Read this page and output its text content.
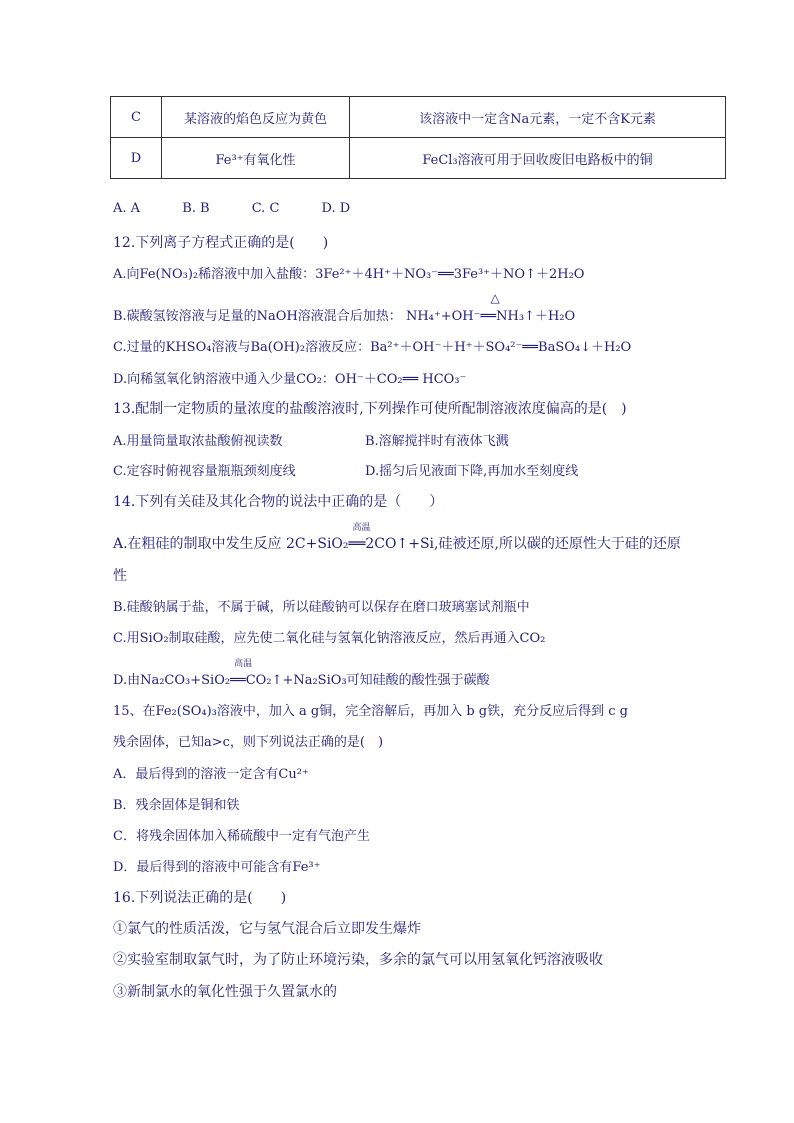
C	某溶液的焰色反应为黄色	该溶液中一定含Na元素，一定不含K元素
D	Fe³⁺有氧化性	FeCl₃溶液可用于回收废旧电路板中的铜
A. A	B. B	C. C	D. D
12.下列离子方程式正确的是(　　)
A.向Fe(NO₃)₂稀溶液中加入盐酸：3Fe²⁺＋4H⁺＋NO₃⁻══3Fe³⁺＋NO↑＋2H₂O
B.碳酸氢铵溶液与足量的NaOH溶液混合后加热： NH₄⁺+OH⁻
△
══NH₃↑＋H₂O
C.过量的KHSO₄溶液与Ba(OH)₂溶液反应：Ba²⁺＋OH⁻＋H⁺＋SO₄²⁻══BaSO₄↓＋H₂O
D.向稀氢氧化钠溶液中通入少量CO₂：OH⁻＋CO₂══ HCO₃⁻
13.配制一定物质的量浓度的盐酸溶液时,下列操作可使所配制溶液浓度偏高的是(　)
A.用量筒量取浓盐酸俯视读数	B.溶解搅拌时有液体飞溅
C.定容时俯视容量瓶瓶颈刻度线	D.摇匀后见液面下降,再加水至刻度线
14.下列有关硅及其化合物的说法中正确的是（　　）
A.在粗硅的制取中发生反应 2C+SiO₂
高温
══2CO↑+Si,硅被还原,所以碳的还原性大于硅的还原
性
B.硅酸钠属于盐，不属于碱，所以硅酸钠可以保存在磨口玻璃塞试剂瓶中
C.用SiO₂制取硅酸，应先使二氧化硅与氢氧化钠溶液反应，然后再通入CO₂
D.由Na₂CO₃+SiO₂
高温
══CO₂↑+Na₂SiO₃可知硅酸的酸性强于碳酸
15、在Fe₂(SO₄)₃溶液中，加入 a g铜，完全溶解后，再加入 b g铁，充分反应后得到 c g
残余固体，已知a>c，则下列说法正确的是(　)
A．最后得到的溶液一定含有Cu²⁺
B．残余固体是铜和铁
C．将残余固体加入稀硫酸中一定有气泡产生
D．最后得到的溶液中可能含有Fe³⁺
16.下列说法正确的是(　　)
①氯气的性质活泼，它与氢气混合后立即发生爆炸
②实验室制取氯气时，为了防止环境污染，多余的氯气可以用氢氧化钙溶液吸收
③新制氯水的氧化性强于久置氯水的
